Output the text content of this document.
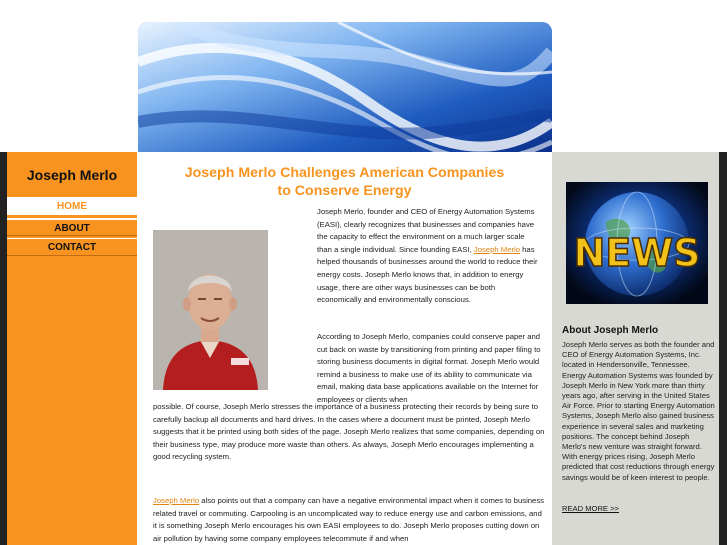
Joseph Merlo
HOME
ABOUT
CONTACT
Joseph Merlo Challenges American Companies to Conserve Energy

Joseph Merlo, founder and CEO of Energy Automation Systems (EASI), clearly recognizes that businesses and companies have the capacity to effect the environment on a much larger scale than a single individual. Since founding EASI, Joseph Merlo has helped thousands of businesses around the world to reduce their energy costs. Joseph Merlo knows that, in addition to energy usage, there are other ways businesses can be both economically and environmentally conscious.

According to Joseph Merlo, companies could conserve paper and cut back on waste by transitioning from printing and paper filing to storing business documents in digital format. Joseph Merlo would remind a business to make use of its ability to communicate via email, making data base applications available on the Internet for employees or clients when

possible. Of course, Joseph Merlo stresses the importance of a business protecting their records by being sure to carefully backup all documents and hard drives. In the cases where a document must be printed, Joseph Merlo suggests that it be printed using both sides of the page. Joseph Merlo realizes that some companies, depending on their business type, may produce more waste than others. As always, Joseph Merlo encourages implementing a good recycling system.

Joseph Merlo also points out that a company can have a negative environmental impact when it comes to business related travel or commuting. Carpooling is an uncomplicated way to reduce energy use and carbon emissions, and it is something Joseph Merlo encourages his own EASI employees to do. Joseph Merlo proposes cutting down on air pollution by having some company employees telecommute if and when

NEWS
About Joseph Merlo

Joseph Merlo serves as both the founder and CEO of Energy Automation Systems, Inc. located in Hendersonville, Tennessee. Energy Automation Systems was founded by Joseph Merlo in New York more than thirty years ago, after serving in the United States Air Force. Prior to starting Energy Automation Systems, Joseph Merlo also gained business experience in several sales and marketing positions. The concept behind Joseph Merlo's new venture was straight forward. With energy prices rising, Joseph Merlo predicted that cost reductions through energy savings would be of keen interest to people.

READ MORE >>
